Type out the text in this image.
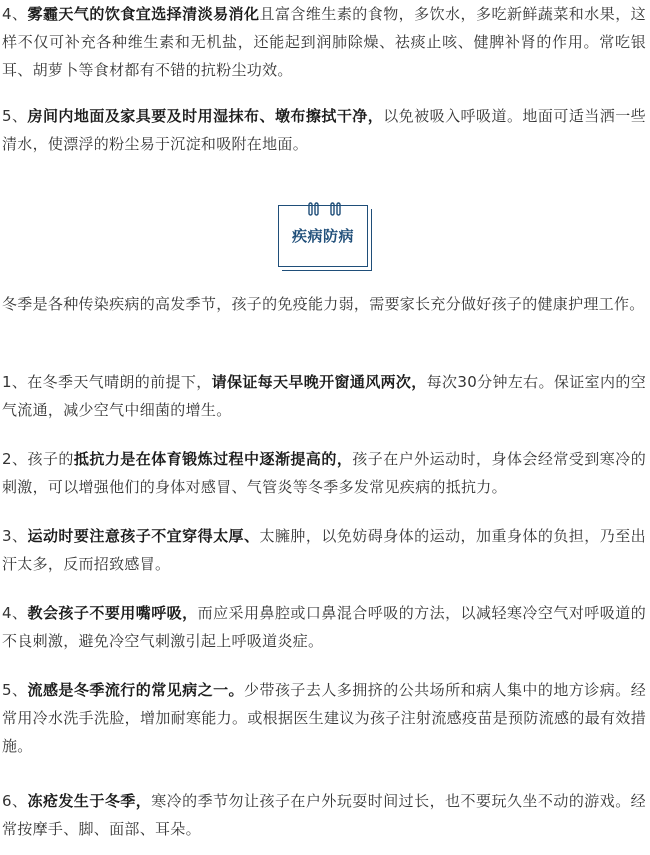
4、雾霾天气的饮食宜选择清淡易消化且富含维生素的食物，多饮水，多吃新鲜蔬菜和水果，这样不仅可补充各种维生素和无机盐，还能起到润肺除燥、祛痰止咳、健脾补肾的作用。常吃银耳、胡萝卜等食材都有不错的抗粉尘功效。

5、房间内地面及家具要及时用湿抹布、墩布擦拭干净，以免被吸入呼吸道。地面可适当洒一些清水，使漂浮的粉尘易于沉淀和吸附在地面。

疾病防病

冬季是各种传染疾病的高发季节，孩子的免疫能力弱，需要家长充分做好孩子的健康护理工作。

1、在冬季天气晴朗的前提下，请保证每天早晚开窗通风两次，每次30分钟左右。保证室内的空气流通，减少空气中细菌的增生。

2、孩子的抵抗力是在体育锻炼过程中逐渐提高的，孩子在户外运动时，身体会经常受到寒冷的刺激，可以增强他们的身体对感冒、气管炎等冬季多发常见疾病的抵抗力。

3、运动时要注意孩子不宜穿得太厚、太臃肿，以免妨碍身体的运动，加重身体的负担，乃至出汗太多，反而招致感冒。

4、教会孩子不要用嘴呼吸，而应采用鼻腔或口鼻混合呼吸的方法，以减轻寒冷空气对呼吸道的不良刺激，避免冷空气刺激引起上呼吸道炎症。

5、流感是冬季流行的常见病之一。少带孩子去人多拥挤的公共场所和病人集中的地方诊病。经常用冷水洗手洗脸，增加耐寒能力。或根据医生建议为孩子注射流感疫苗是预防流感的最有效措施。

6、冻疮发生于冬季，寒冷的季节勿让孩子在户外玩耍时间过长，也不要玩久坐不动的游戏。经常按摩手、脚、面部、耳朵。
